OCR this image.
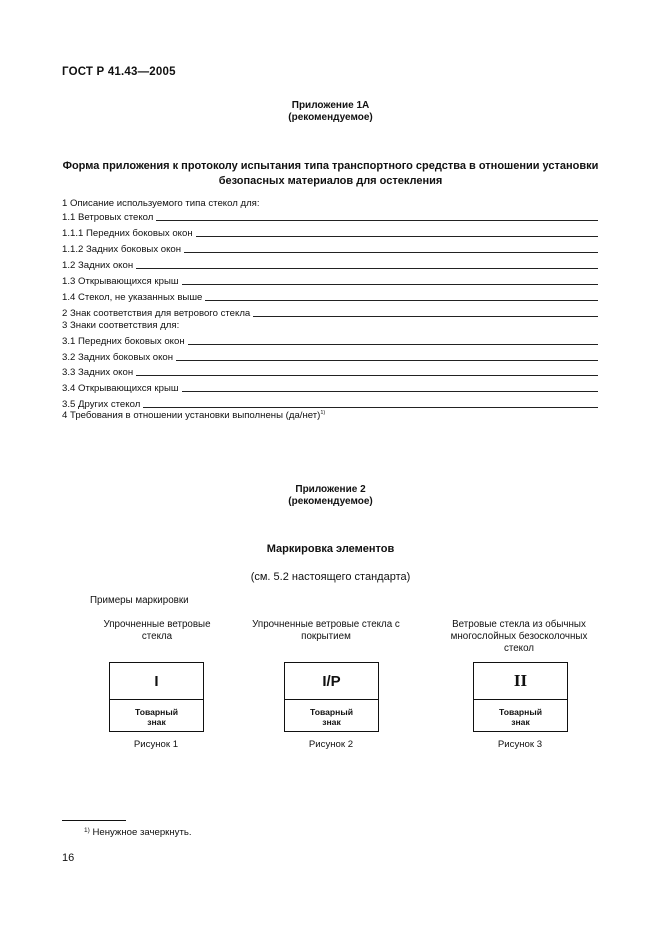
ГОСТ Р 41.43—2005
Приложение 1А
(рекомендуемое)
Форма приложения к протоколу испытания типа транспортного средства в отношении установки
безопасных материалов для остекления
1 Описание используемого типа стекол для:
1.1 Ветровых стекол
1.1.1 Передних боковых окон
1.1.2 Задних боковых окон
1.2 Задних окон
1.3 Открывающихся крыш
1.4 Стекол, не указанных выше
2 Знак соответствия для ветрового стекла
3 Знаки соответствия для:
3.1 Передних боковых окон
3.2 Задних боковых окон
3.3 Задних окон
3.4 Открывающихся крыш
3.5 Других стекол
4 Требования в отношении установки выполнены (да/нет)$^{1)}$
Приложение 2
(рекомендуемое)
Маркировка элементов
(см. 5.2 настоящего стандарта)
Примеры маркировки
Упрочненные ветровые
стекла
I
Товарный
знак
Рисунок 1
Упрочненные ветровые стекла с
покрытием
I/P
Товарный
знак
Рисунок 2
Ветровые стекла из обычных
многослойных безосколочных
стекол
II
Товарный
знак
Рисунок 3
$^{1)}$ Ненужное зачеркнуть.
16
